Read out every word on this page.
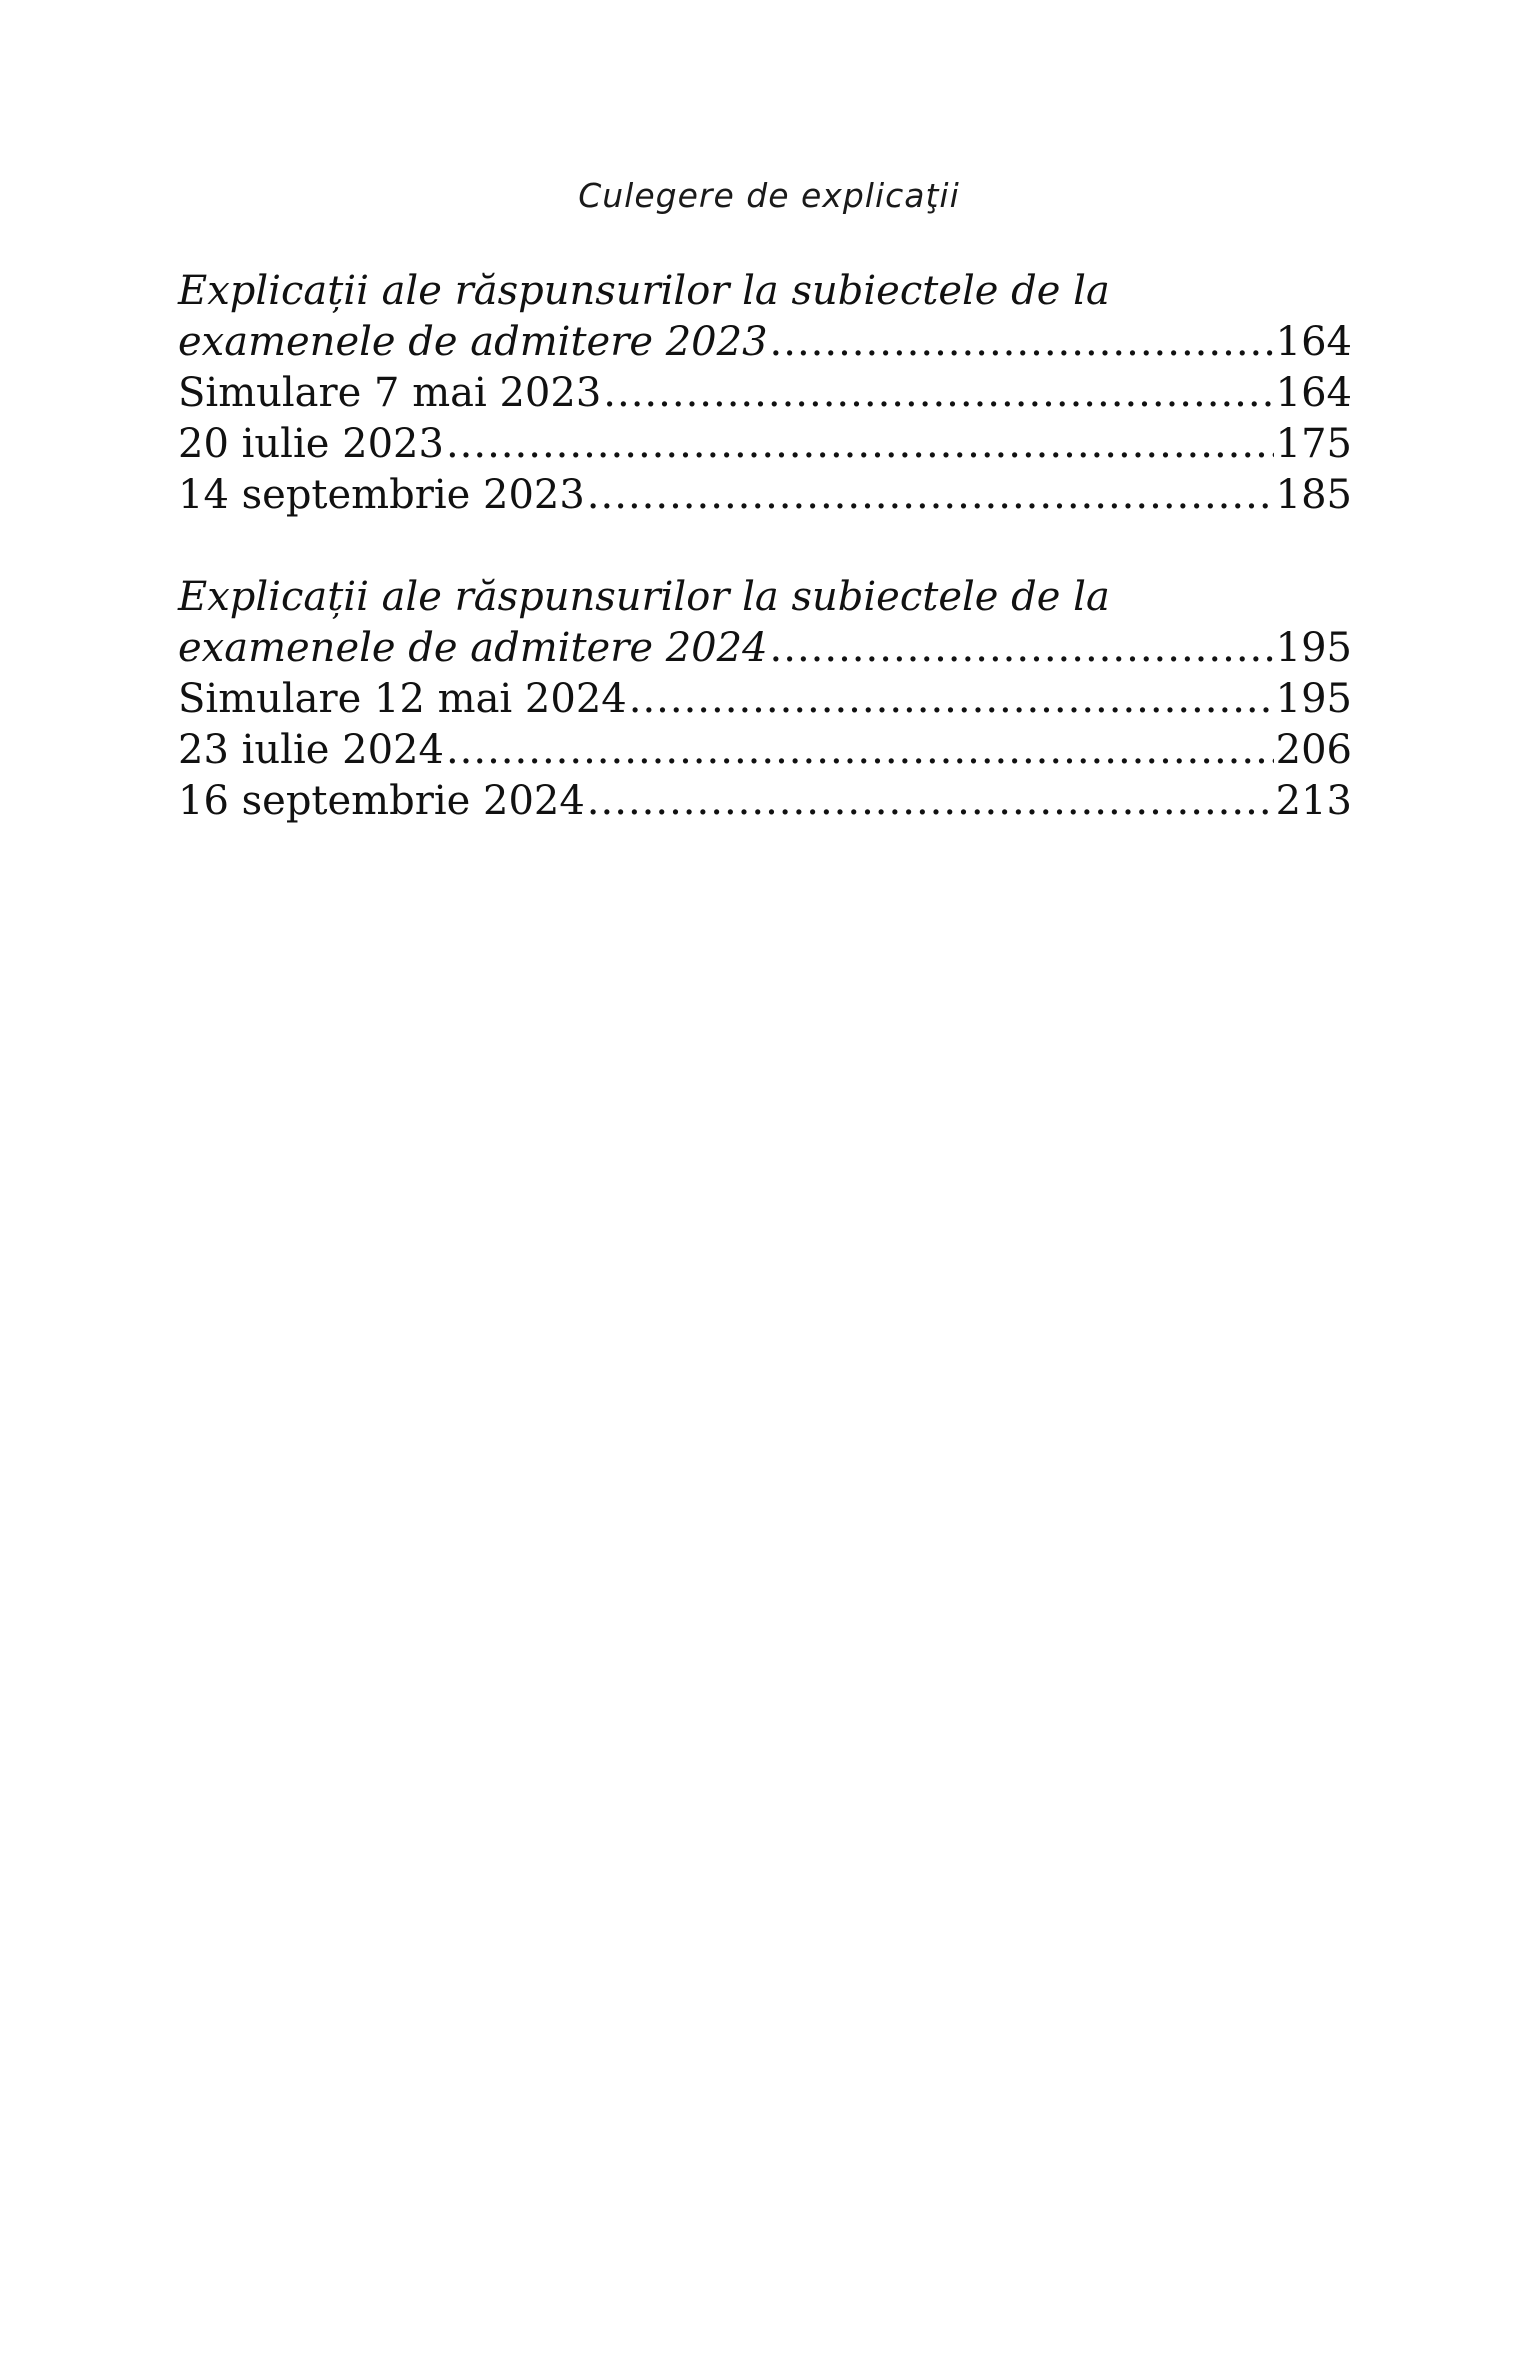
Culegere de explicaţii
Explicații ale răspunsurilor la subiectele de la
examenele de admitere 2023 .....	164
Simulare 7 mai 2023 .....	164
20 iulie 2023 .....	175
14 septembrie 2023 .....	185
Explicații ale răspunsurilor la subiectele de la
examenele de admitere 2024 .....	195
Simulare 12 mai 2024 .....	195
23 iulie 2024 .....	206
16 septembrie 2024 .....	213
